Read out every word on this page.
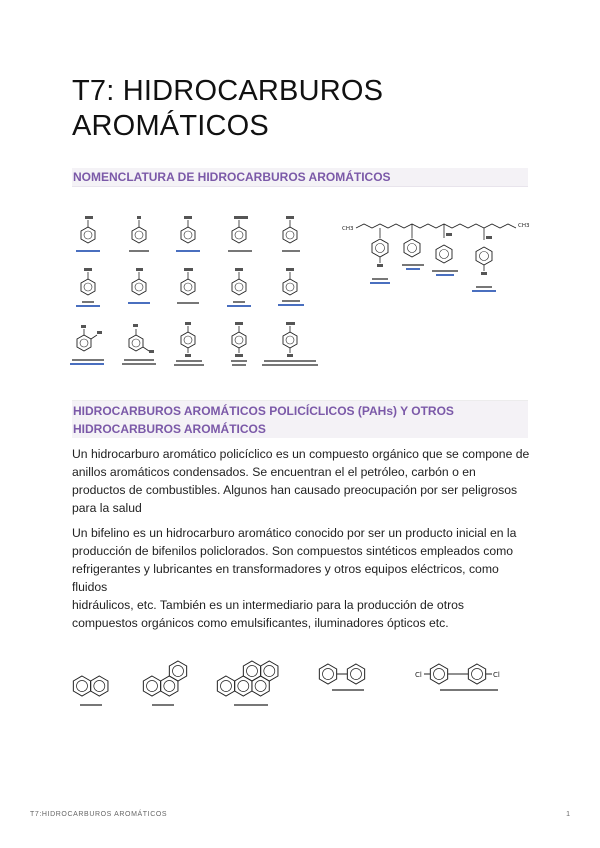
T7: HIDROCARBUROS AROMÁTICOS
NOMENCLATURA DE HIDROCARBUROS AROMÁTICOS
CH3	CH3
HIDROCARBUROS AROMÁTICOS POLICÍCLICOS (PAHs) Y OTROS HIDROCARBUROS AROMÁTICOS

Un hidrocarburo aromático policíclico es un compuesto orgánico que se compone de anillos aromáticos condensados. Se encuentran el el petróleo, carbón o en productos de combustibles. Algunos han causado preocupación por ser peligrosos para la salud

Un bifelino es un hidrocarburo aromático conocido por ser un producto inicial en la producción de bifenilos policlorados. Son compuestos sintéticos empleados como refrigerantes y lubricantes en transformadores y otros equipos eléctricos, como fluidos
hidráulicos, etc. También es un intermediario para la producción de otros compuestos orgánicos como emulsificantes, iluminadores ópticos etc.

Cl	Cl
T7:HIDROCARBUROS AROMÁTICOS	1
